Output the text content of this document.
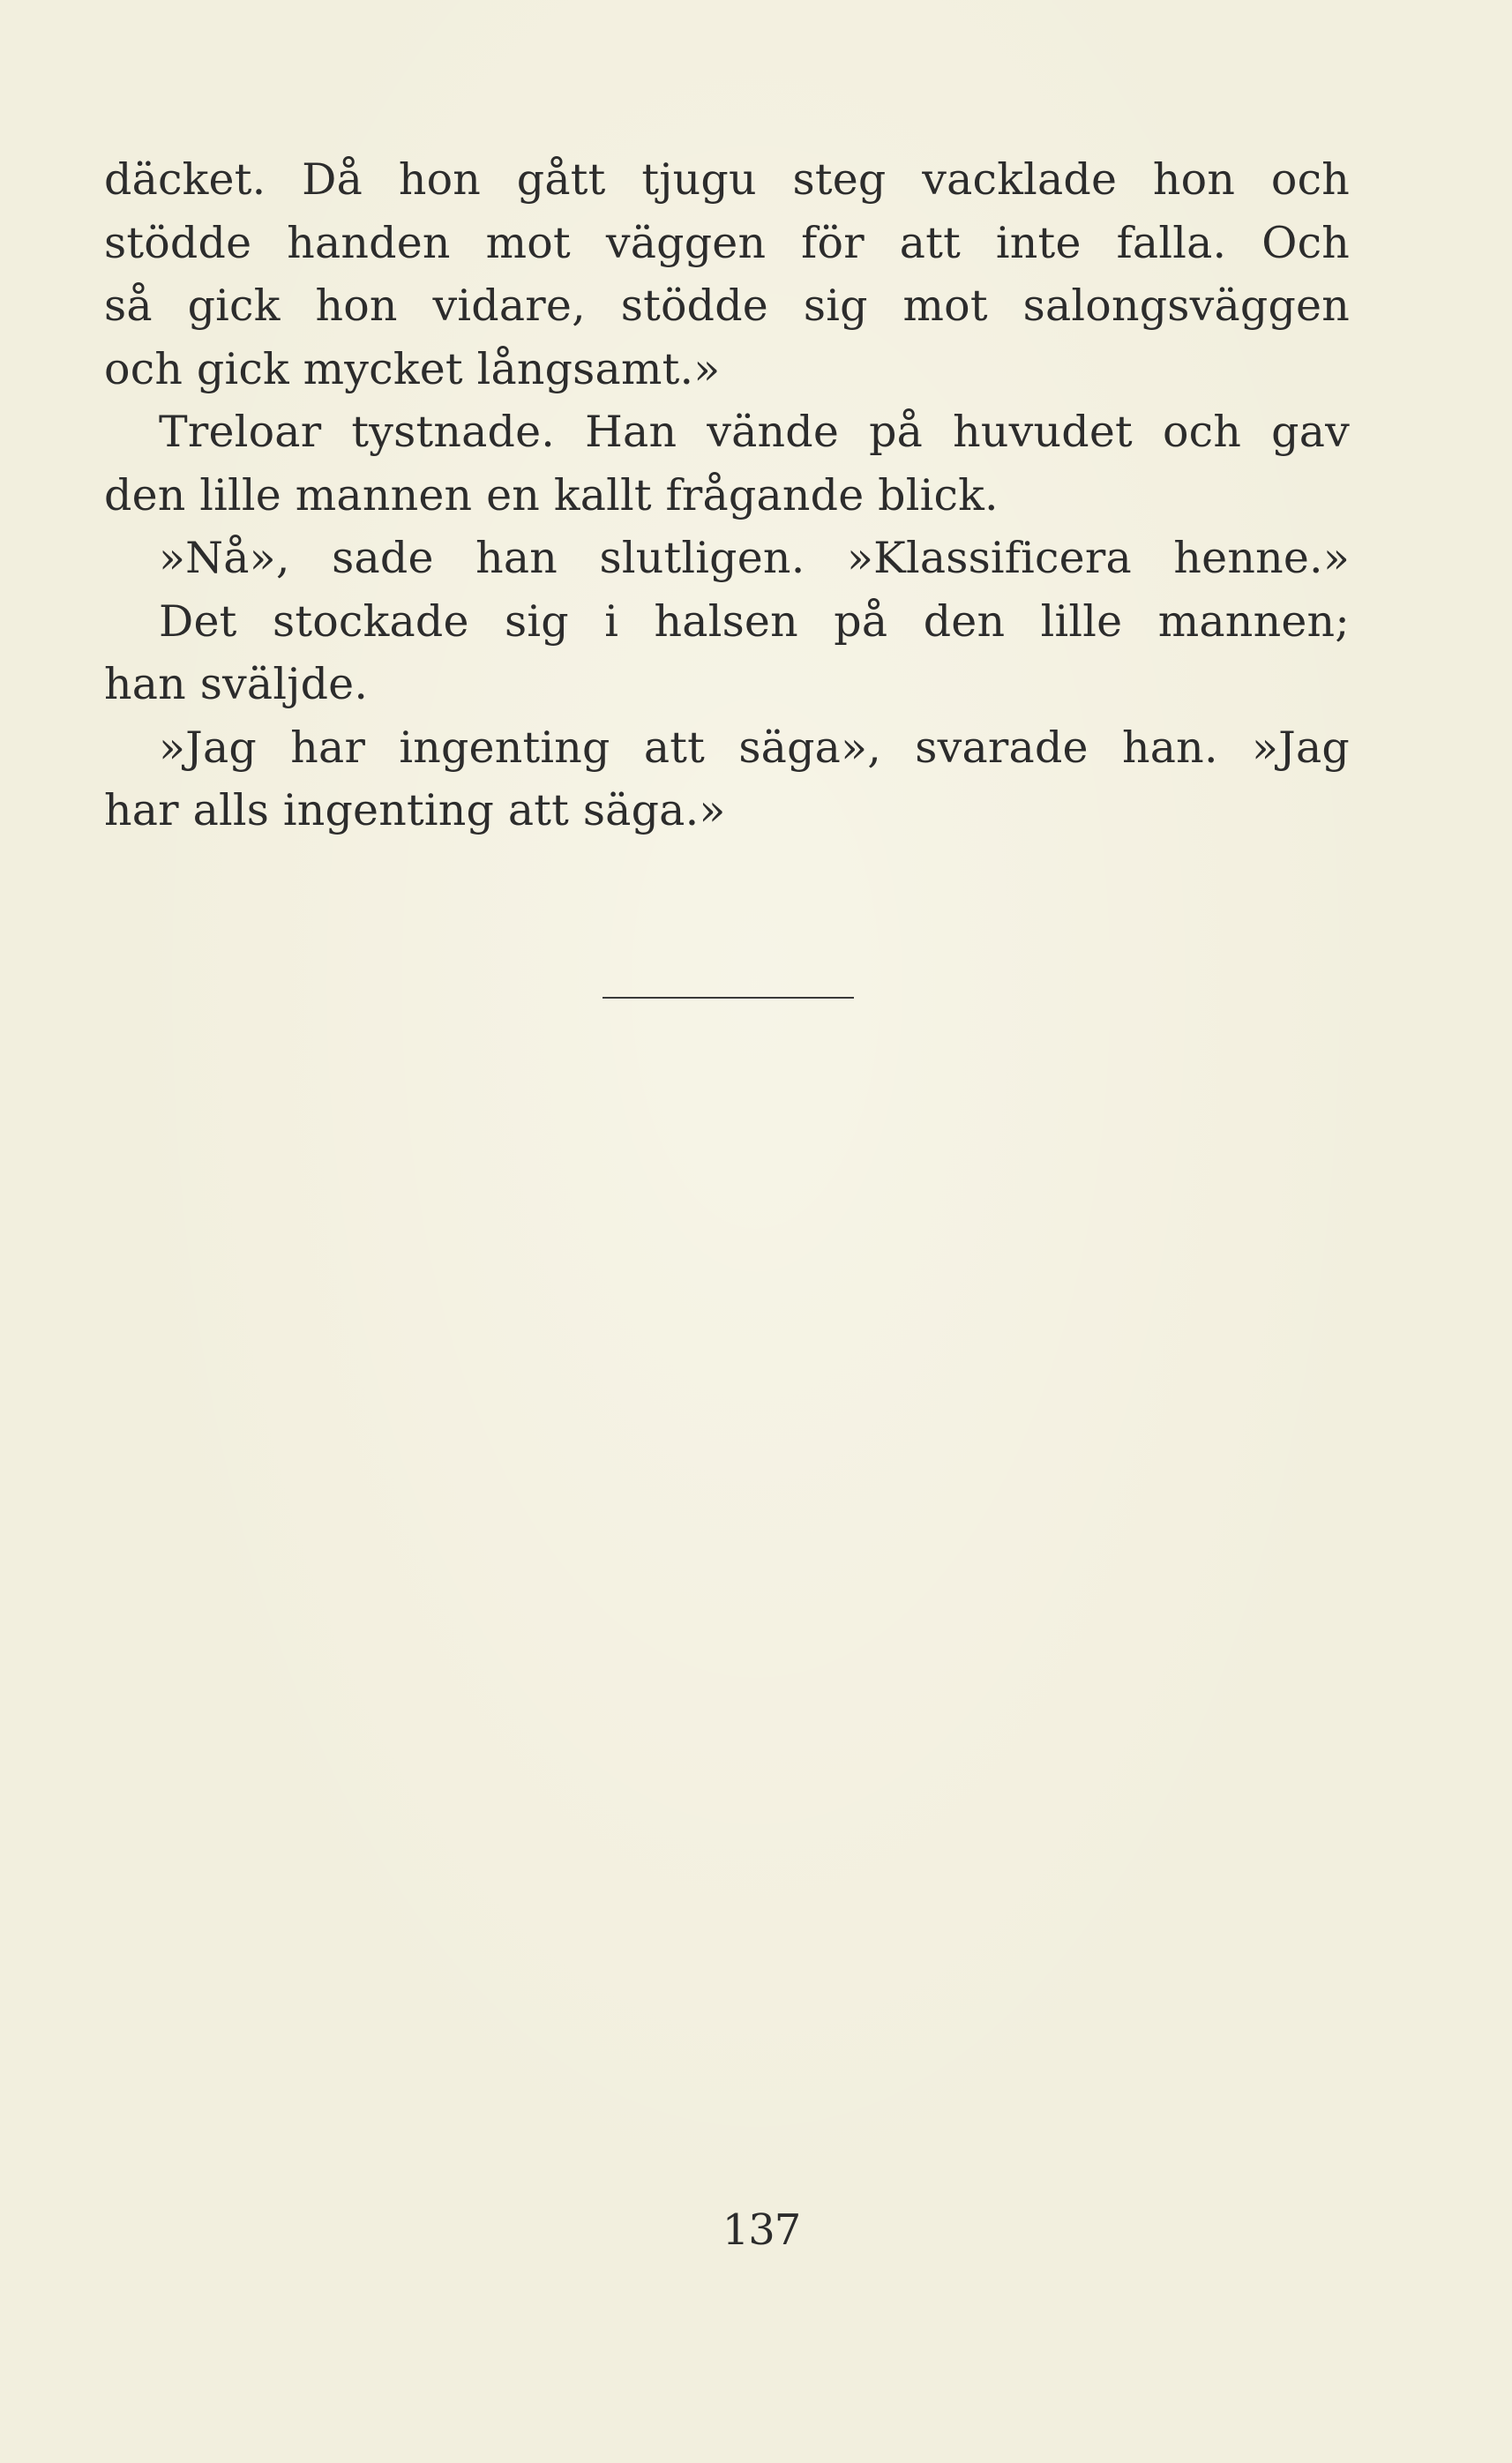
däcket. Då hon gått tjugu steg vacklade hon och
stödde handen mot väggen för att inte falla. Och
så gick hon vidare, stödde sig mot salongsväggen
och gick mycket långsamt.»
Treloar tystnade. Han vände på huvudet och gav
den lille mannen en kallt frågande blick.
»Nå», sade han slutligen. »Klassificera henne.»
Det stockade sig i halsen på den lille mannen;
han sväljde.
»Jag har ingenting att säga», svarade han. »Jag
har alls ingenting att säga.»
137
